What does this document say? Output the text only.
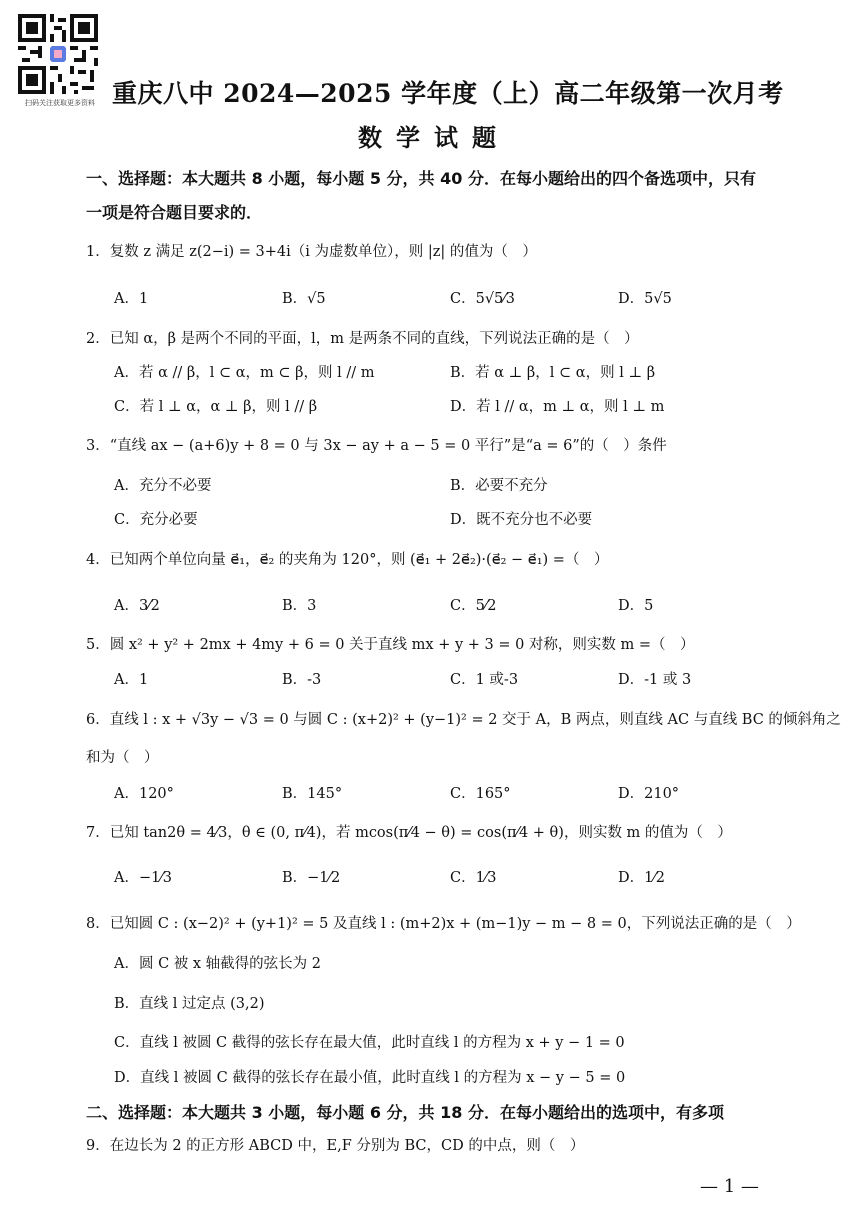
扫码关注获取更多资料 重庆八中 2024—2025 学年度（上）高二年级第一次月考
数学试题
一、选择题：本大题共 8 小题，每小题 5 分，共 40 分．在每小题给出的四个备选项中，只有
一项是符合题目要求的．
1．复数 z 满足 z(2−i) = 3+4i（i 为虚数单位），则 |z| 的值为（　）
A．1	B．√5	C．5√5⁄3	D．5√5
2．已知 α，β 是两个不同的平面，l，m 是两条不同的直线，下列说法正确的是（　）
A．若 α // β，l ⊂ α，m ⊂ β，则 l // m	B．若 α ⊥ β，l ⊂ α，则 l ⊥ β
C．若 l ⊥ α，α ⊥ β，则 l // β	D．若 l // α，m ⊥ α，则 l ⊥ m
3．“直线 ax − (a+6)y + 8 = 0 与 3x − ay + a − 5 = 0 平行”是“a = 6”的（　）条件
A．充分不必要	B．必要不充分
C．充分必要	D．既不充分也不必要
4．已知两个单位向量 e⃗₁，e⃗₂ 的夹角为 120°，则 (e⃗₁ + 2e⃗₂)·(e⃗₂ − e⃗₁) =（　）
A．3⁄2	B．3	C．5⁄2	D．5
5．圆 x² + y² + 2mx + 4my + 6 = 0 关于直线 mx + y + 3 = 0 对称，则实数 m =（　）
A．1	B．-3	C．1 或-3	D．-1 或 3
6．直线 l : x + √3y − √3 = 0 与圆 C : (x+2)² + (y−1)² = 2 交于 A，B 两点，则直线 AC 与直线 BC 的倾斜角之
和为（　）
A．120°	B．145°	C．165°	D．210°
7．已知 tan2θ = 4⁄3，θ ∈ (0, π⁄4)，若 mcos(π⁄4 − θ) = cos(π⁄4 + θ)，则实数 m 的值为（　）
A．−1⁄3	B．−1⁄2	C．1⁄3	D．1⁄2
8．已知圆 C : (x−2)² + (y+1)² = 5 及直线 l : (m+2)x + (m−1)y − m − 8 = 0，下列说法正确的是（　）
A．圆 C 被 x 轴截得的弦长为 2
B．直线 l 过定点 (3,2)
C．直线 l 被圆 C 截得的弦长存在最大值，此时直线 l 的方程为 x + y − 1 = 0
D．直线 l 被圆 C 截得的弦长存在最小值，此时直线 l 的方程为 x − y − 5 = 0
二、选择题：本大题共 3 小题，每小题 6 分，共 18 分．在每小题给出的选项中，有多项
9．在边长为 2 的正方形 ABCD 中，E,F 分别为 BC，CD 的中点，则（　）
— 1 —
